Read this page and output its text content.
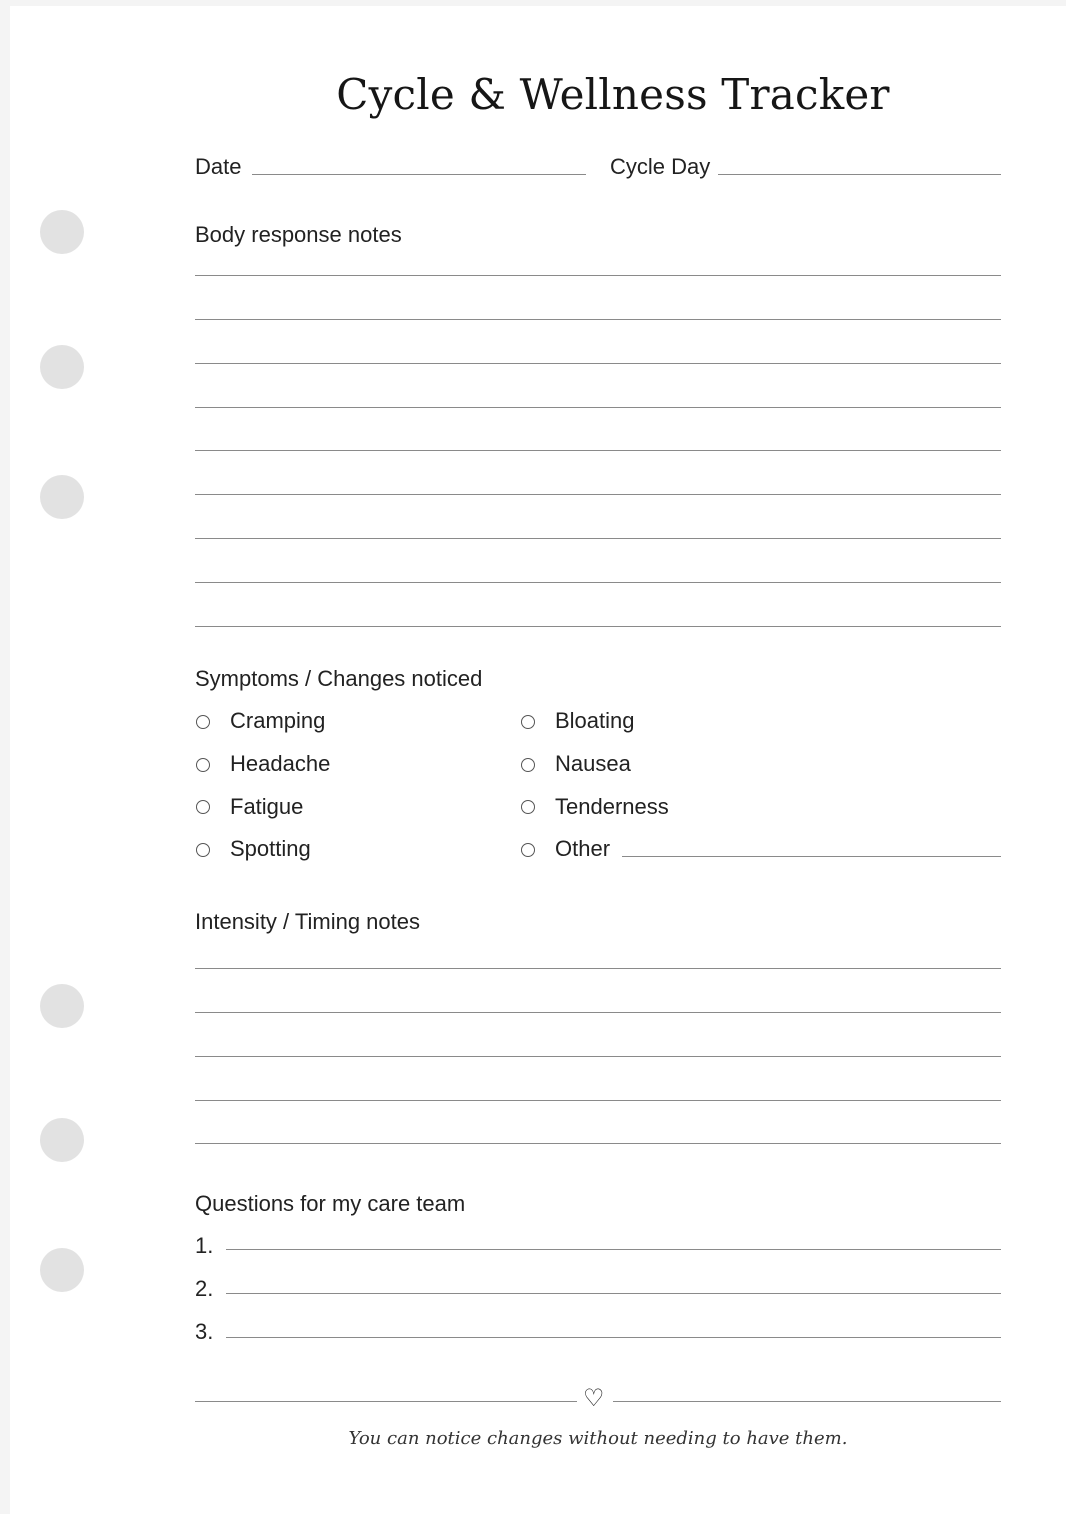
Cycle & Wellness Tracker
Date	Cycle Day
Body response notes
Symptoms / Changes noticed
Cramping
Headache
Fatigue
Spotting
Bloating
Nausea
Tenderness
Other
Intensity / Timing notes
Questions for my care team
1.
2.
3.
♡
You can notice changes without needing to have them.
